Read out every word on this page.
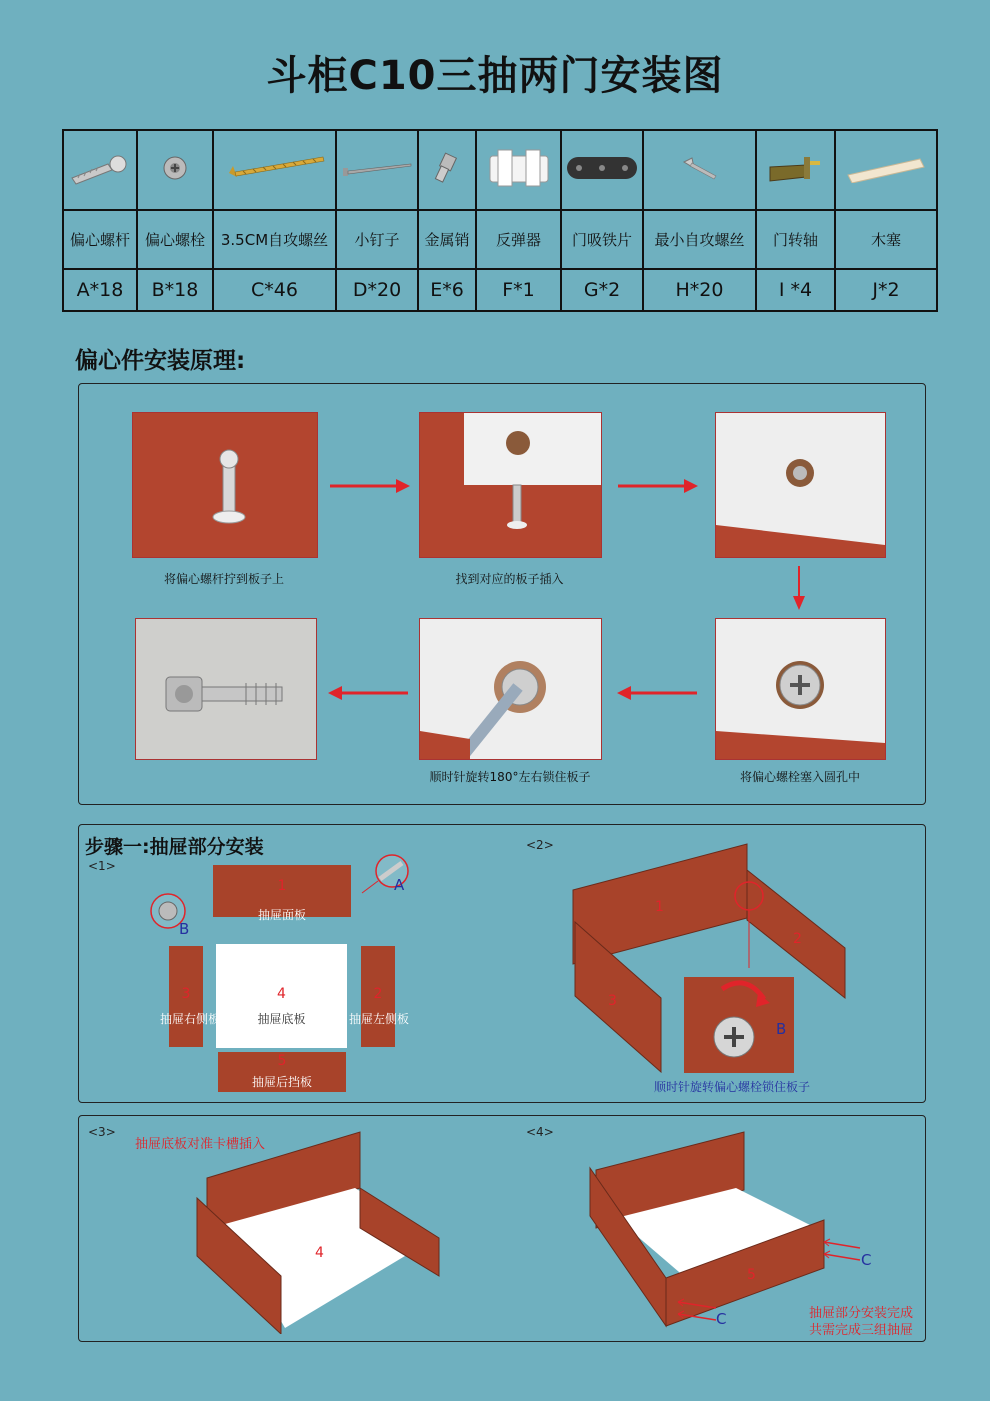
斗柜C10三抽两门安装图

偏心螺杆	偏心螺栓	3.5CM自攻螺丝	小钉子	金属销	反弹器	门吸铁片	最小自攻螺丝	门转轴	木塞
A*18	B*18	C*46	D*20	E*6	F*1	G*2	H*20	I *4	J*2
偏心件安装原理:
将偏心螺杆拧到板子上	找到对应的板子插入
顺时针旋转180°左右锁住板子	将偏心螺栓塞入圆孔中
步骤一:抽屉部分安装
<1>
<2>
1
抽屉面板
A
B
3	4	2
5
抽屉右侧板	抽屉底板	抽屉左侧板
抽屉后挡板
1
2
3
B
顺时针旋转偏心螺栓锁住板子
<3>	<4>
抽屉底板对准卡槽插入
4
5
C
C	抽屉部分安装完成
共需完成三组抽屉
